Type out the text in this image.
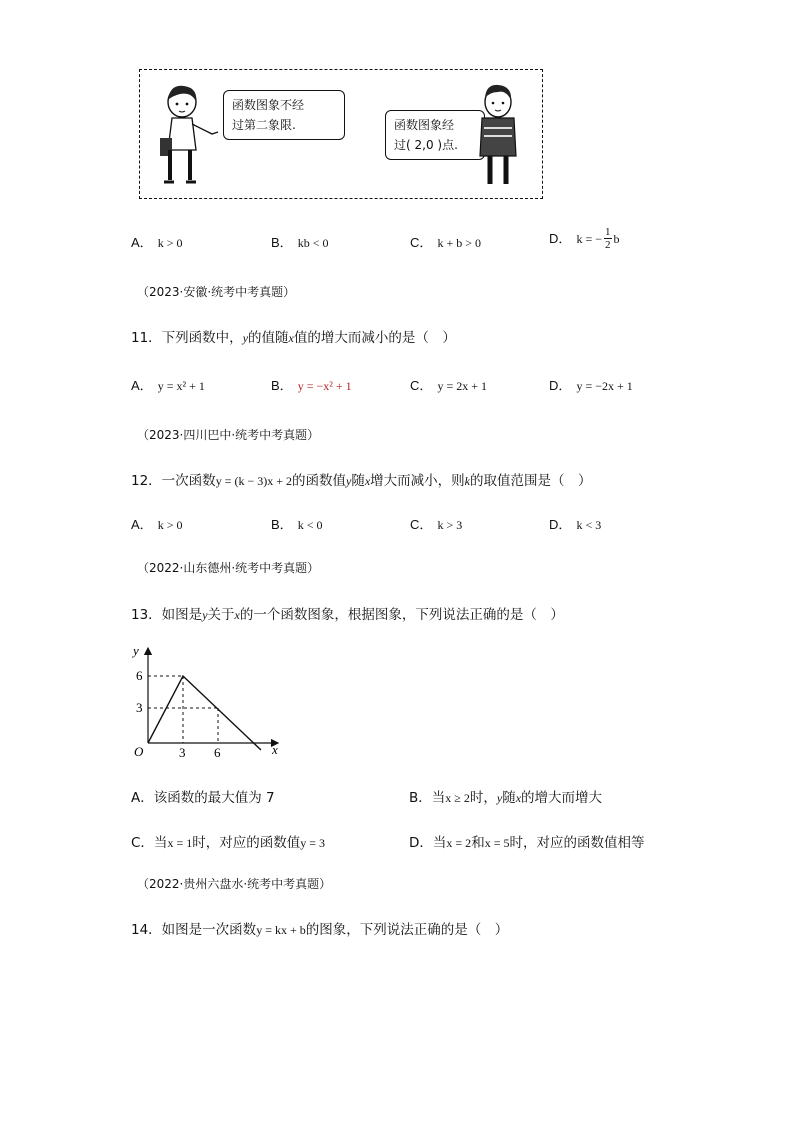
函数图象不经
过第二象限.	函数图象经
过( 2,0 )点.
A． k > 0	B． kb < 0	C． k + b > 0	D． k = − $\frac{1}{2}$ b
（2023·安徽·统考中考真题）
11．下列函数中，y的值随x值的增大而减小的是（　）
A． y = x² + 1	B． y = −x² + 1	C． y = 2x + 1	D． y = −2x + 1
（2023·四川巴中·统考中考真题）
12．一次函数y = (k − 3)x + 2的函数值y随x增大而减小，则k的取值范围是（　）
A． k > 0	B． k < 0	C． k > 3	D． k < 3
（2022·山东德州·统考中考真题）
13．如图是y关于x的一个函数图象，根据图象，下列说法正确的是（　）
y
x
O
6
3
3 6
A．该函数的最大值为 7	B．当x ≥ 2时，y随x的增大而增大
C．当x = 1时，对应的函数值y = 3	D．当x = 2和x = 5时，对应的函数值相等
（2022·贵州六盘水·统考中考真题）
14．如图是一次函数y = kx + b的图象，下列说法正确的是（　）
